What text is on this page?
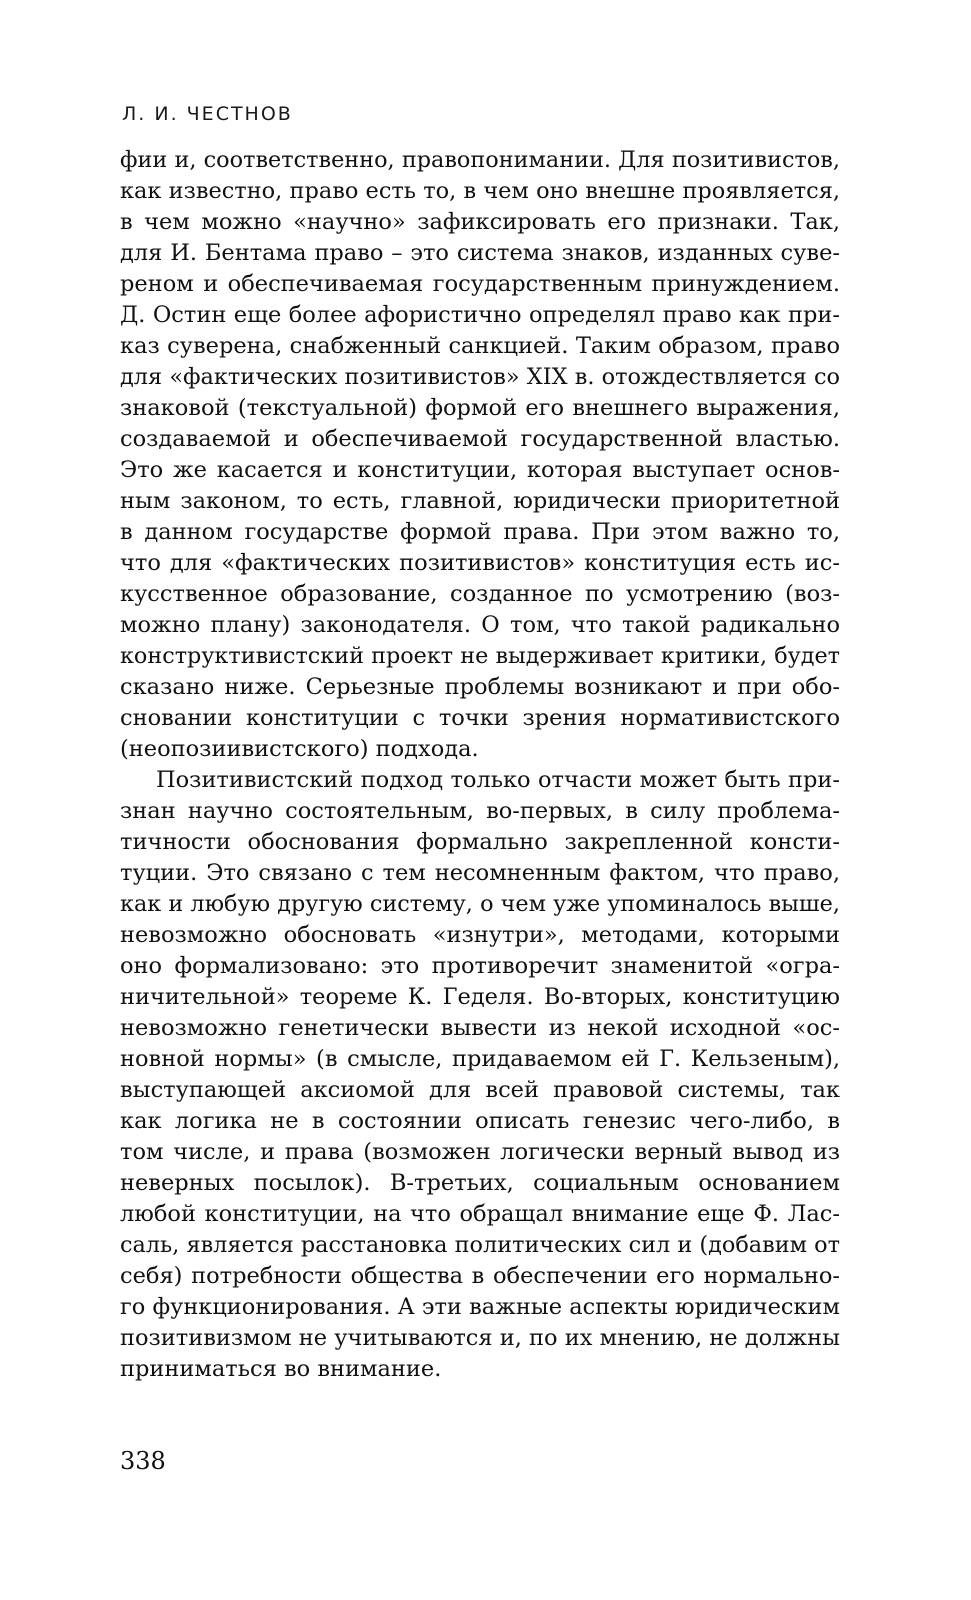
Л. И. ЧЕСТНОВ
фии и, соответственно, правопонимании. Для позитивистов,
как известно, право есть то, в чем оно внешне проявляется,
в чем можно «научно» зафиксировать его признаки. Так,
для И. Бентама право – это система знаков, изданных суве-
реном и обеспечиваемая государственным принуждением.
Д. Остин еще более афористично определял право как при-
каз суверена, снабженный санкцией. Таким образом, право
для «фактических позитивистов» XIX в. отождествляется со
знаковой (текстуальной) формой его внешнего выражения,
создаваемой и обеспечиваемой государственной властью.
Это же касается и конституции, которая выступает основ-
ным законом, то есть, главной, юридически приоритетной
в данном государстве формой права. При этом важно то,
что для «фактических позитивистов» конституция есть ис-
кусственное образование, созданное по усмотрению (воз-
можно плану) законодателя. О том, что такой радикально
конструктивистский проект не выдерживает критики, будет
сказано ниже. Серьезные проблемы возникают и при обо-
сновании конституции с точки зрения нормативистского
(неопозиивистского) подхода.
Позитивистский подход только отчасти может быть при-
знан научно состоятельным, во-первых, в силу проблема-
тичности обоснования формально закрепленной консти-
туции. Это связано с тем несомненным фактом, что право,
как и любую другую систему, о чем уже упоминалось выше,
невозможно обосновать «изнутри», методами, которыми
оно формализовано: это противоречит знаменитой «огра-
ничительной» теореме К. Геделя. Во-вторых, конституцию
невозможно генетически вывести из некой исходной «ос-
новной нормы» (в смысле, придаваемом ей Г. Кельзеным),
выступающей аксиомой для всей правовой системы, так
как логика не в состоянии описать генезис чего-либо, в
том числе, и права (возможен логически верный вывод из
неверных посылок). В-третьих, социальным основанием
любой конституции, на что обращал внимание еще Ф. Лас-
саль, является расстановка политических сил и (добавим от
себя) потребности общества в обеспечении его нормально-
го функционирования. А эти важные аспекты юридическим
позитивизмом не учитываются и, по их мнению, не должны
приниматься во внимание.
338
